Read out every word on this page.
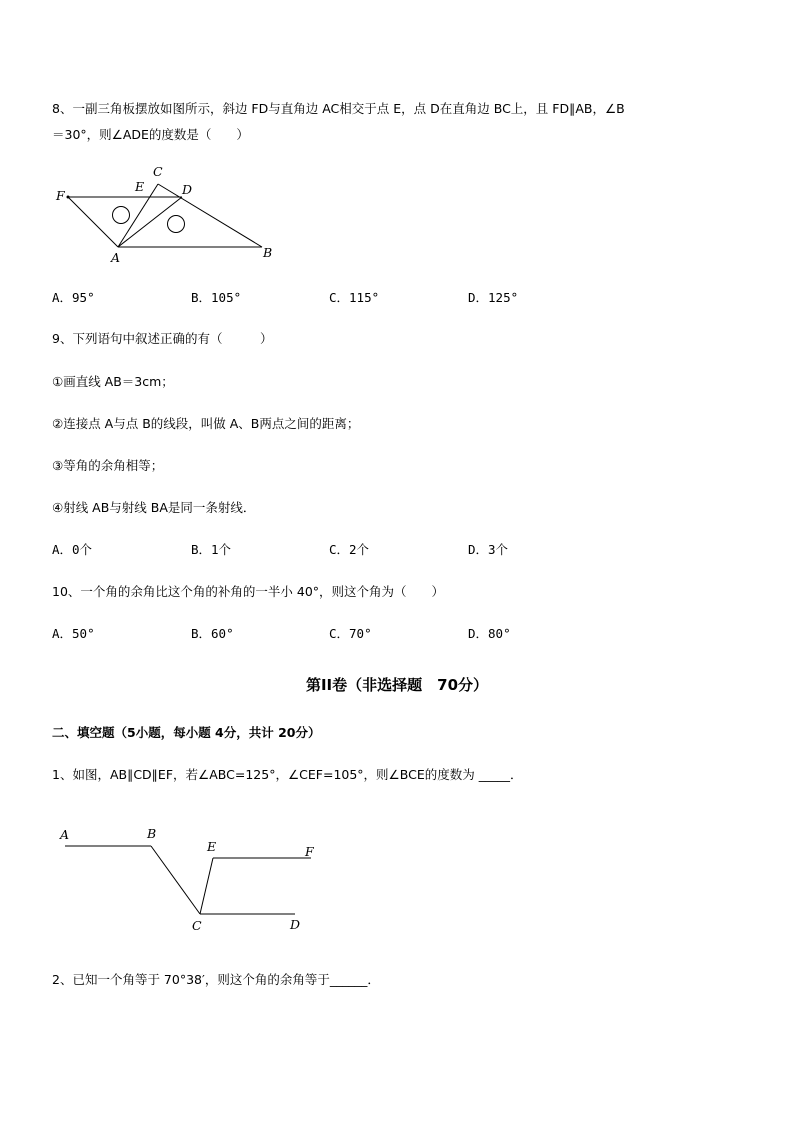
8、一副三角板摆放如图所示，斜边 FD与直角边 AC相交于点 E，点 D在直角边 BC上，且 FD∥AB，∠B
＝30°，则∠ADE的度数是（　　）
F
E
C
D
A	B
A．95°	B．105°	C．115°	D．125°
9、下列语句中叙述正确的有（　　　）
①画直线 AB＝3cm；
②连接点 A与点 B的线段，叫做 A、B两点之间的距离；
③等角的余角相等；
④射线 AB与射线 BA是同一条射线．
A．0个	B．1个	C．2个	D．3个
10、一个角的余角比这个角的补角的一半小 40°，则这个角为（　　）
A．50°	B．60°	C．70°	D．80°
第II卷（非选择题　70分）
二、填空题（5小题，每小题 4分，共计 20分）
1、如图，AB∥CD∥EF，若∠ABC=125°，∠CEF=105°，则∠BCE的度数为 _____．
A	B
E	F
C	D
2、已知一个角等于 70°38′，则这个角的余角等于______．
